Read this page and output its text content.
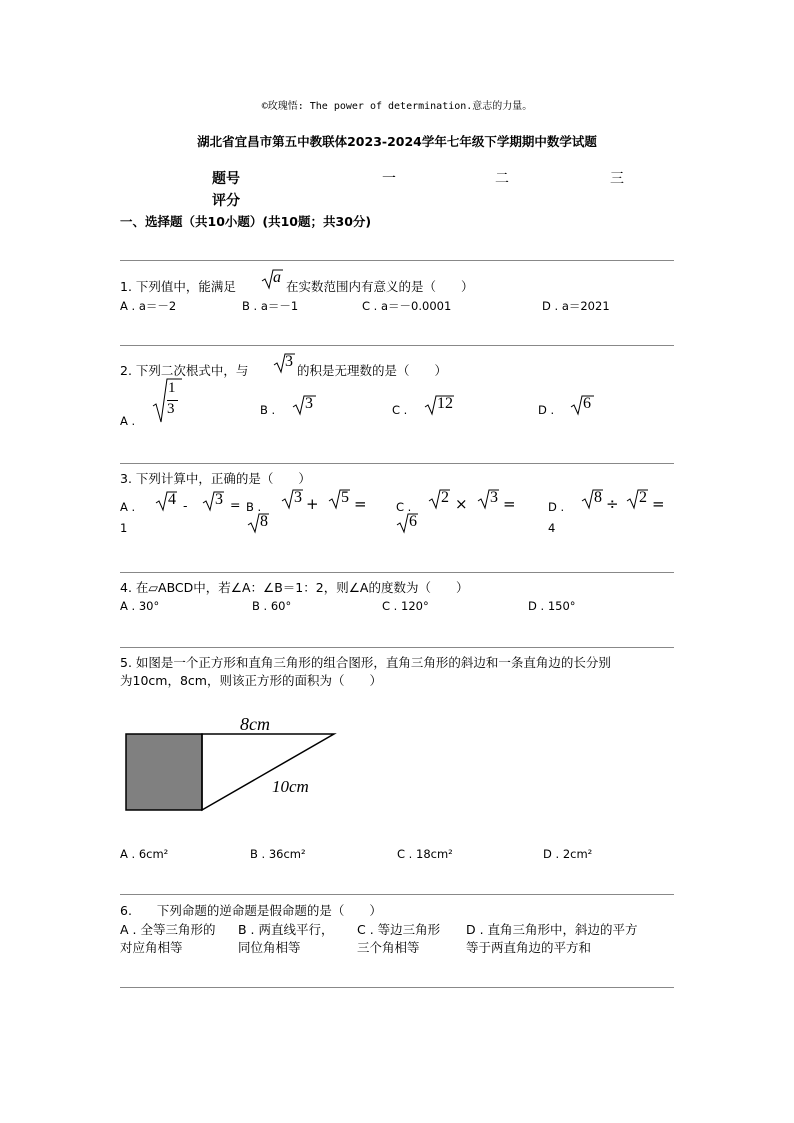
©玫瑰悟: The power of determination.意志的力量。
湖北省宜昌市第五中教联体2023-2024学年七年级下学期期中数学试题
题号	一	二	三
评分
一、选择题（共10小题）(共10题；共30分)
1. 下列值中，能满足
a
在实数范围内有意义的是（　　）
A . a＝－2	B . a＝－1	C . a＝－0.0001	D . a＝2021
2. 下列二次根式中，与
3
的积是无理数的是（　　）
A .
1
3	B . 3	C . 12	D . 6
3. 下列计算中，正确的是（　　）
A . 4 - 3 =
1
B .
3 + 5 =
8
C .
2 × 3 =
6
D .
8 ÷ 2 =
4
4. 在▱ABCD中，若∠A：∠B＝1：2，则∠A的度数为（　　）
A . 30°	B . 60°	C . 120°	D . 150°
5. 如图是一个正方形和直角三角形的组合图形，直角三角形的斜边和一条直角边的长分别
为10cm，8cm，则该正方形的面积为（　　）
8cm
10cm
A . 6cm²	B . 36cm²	C . 18cm²	D . 2cm²
6.　　下列命题的逆命题是假命题的是（　　）
A . 全等三角形的
对应角相等
B . 两直线平行，
同位角相等
C . 等边三角形
三个角相等
D . 直角三角形中，斜边的平方
等于两直角边的平方和
